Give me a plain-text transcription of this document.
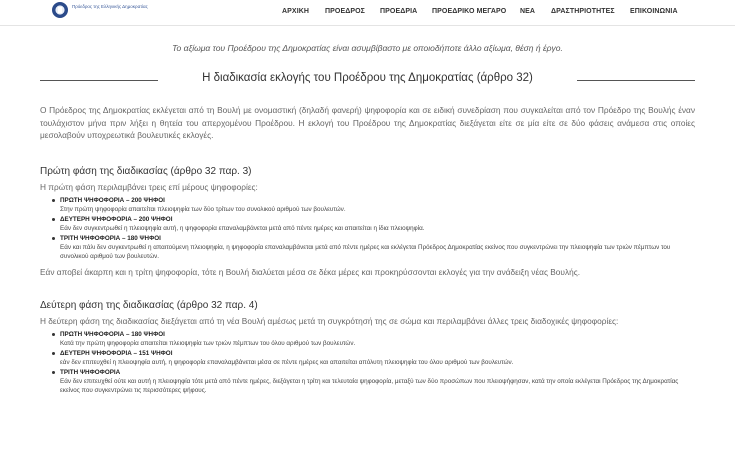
Πρόεδρος της Ελληνικής Δημοκρατίας
ΑΡΧΙΚΗ ΠΡΟΕΔΡΟΣ ΠΡΟΕΔΡΙΑ ΠΡΟΕΔΡΙΚΟ ΜΕΓΑΡΟ ΝΕΑ ΔΡΑΣΤΗΡΙΟΤΗΤΕΣ ΕΠΙΚΟΙΝΩΝΙΑ
Το αξίωμα του Προέδρου της Δημοκρατίας είναι ασυμβίβαστο με οποιοδήποτε άλλο αξίωμα, θέση ή έργο.
Η διαδικασία εκλογής του Προέδρου της Δημοκρατίας (άρθρο 32)

Ο Πρόεδρος της Δημοκρατίας εκλέγεται από τη Βουλή με ονομαστική (δηλαδή φανερή) ψηφοφορία και σε ειδική συνεδρίαση που συγκαλείται από τον Πρόεδρο της Βουλής έναν τουλάχιστον μήνα πριν λήξει η θητεία του απερχομένου Προέδρου. Η εκλογή του Προέδρου της Δημοκρατίας διεξάγεται είτε σε μία είτε σε δύο φάσεις ανάμεσα στις οποίες μεσολαβούν υποχρεωτικά βουλευτικές εκλογές.

Πρώτη φάση της διαδικασίας (άρθρο 32 παρ. 3)
Η πρώτη φάση περιλαμβάνει τρεις επί μέρους ψηφοφορίες:
ΠΡΩΤΗ ΨΗΦΟΦΟΡΙΑ – 200 ΨΗΦΟΙ
Στην πρώτη ψηφοφορία απαιτείται πλειοψηφία των δύο τρίτων του συνολικού αριθμού των βουλευτών.
ΔΕΥΤΕΡΗ ΨΗΦΟΦΟΡΙΑ – 200 ΨΗΦΟΙ
Εάν δεν συγκεντρωθεί η πλειοψηφία αυτή, η ψηφοφορία επαναλαμβάνεται μετά από πέντε ημέρες και απαιτείται η ίδια πλειοψηφία.
ΤΡΙΤΗ ΨΗΦΟΦΟΡΙΑ – 180 ΨΗΦΟΙ
Εάν και πάλι δεν συγκεντρωθεί η απαιτούμενη πλειοψηφία, η ψηφοφορία επαναλαμβάνεται μετά από πέντε ημέρες και εκλέγεται Πρόεδρος Δημοκρατίας εκείνος που συγκεντρώνει την πλειοψηφία των τριών πέμπτων του συνολικού αριθμού των βουλευτών.
Εάν αποβεί άκαρπη και η τρίτη ψηφοφορία, τότε η Βουλή διαλύεται μέσα σε δέκα μέρες και προκηρύσσονται εκλογές για την ανάδειξη νέας Βουλής.
Δεύτερη φάση της διαδικασίας (άρθρο 32 παρ. 4)
Η δεύτερη φάση της διαδικασίας διεξάγεται από τη νέα Βουλή αμέσως μετά τη συγκρότησή της σε σώμα και περιλαμβάνει άλλες τρεις διαδοχικές ψηφοφορίες:
ΠΡΩΤΗ ΨΗΦΟΦΟΡΙΑ – 180 ΨΗΦΟΙ
Κατά την πρώτη ψηφοφορία απαιτείται πλειοψηφία των τριών πέμπτων του όλου αριθμού των βουλευτών.
ΔΕΥΤΕΡΗ ΨΗΦΟΦΟΡΙΑ – 151 ΨΗΦΟΙ
εάν δεν επιτευχθεί η πλειοψηφία αυτή, η ψηφοφορία επαναλαμβάνεται μέσα σε πέντε ημέρες και απαιτείται απόλυτη πλειοψηφία του όλου αριθμού των βουλευτών.
ΤΡΙΤΗ ΨΗΦΟΦΟΡΙΑ
Εάν δεν επιτευχθεί ούτε και αυτή η πλειοψηφία τότε μετά από πέντε ημέρες, διεξάγεται η τρίτη και τελευταία ψηφοφορία, μεταξύ των δύο προσώπων που πλειοψήφησαν, κατά την οποία εκλέγεται Πρόεδρος της Δημοκρατίας εκείνος που συγκεντρώνει τις περισσότερες ψήφους.
